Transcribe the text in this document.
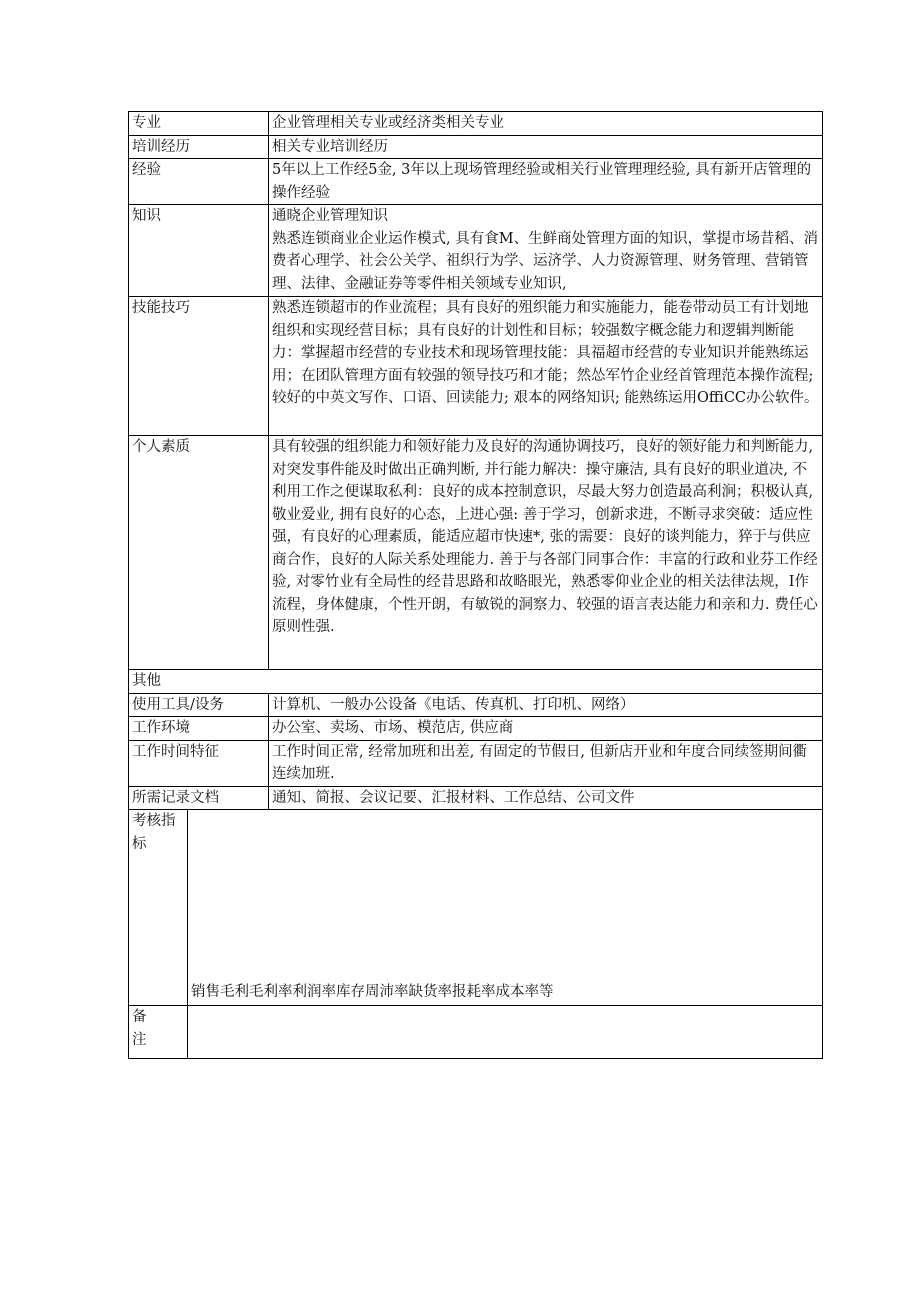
专业	企业管理相关专业或经济类相关专业
培训经历	相关专业培训经历
经验	5年以上工作经5金, 3年以上现场管理经验或相关行业管理理经验, 具有新开店管理的操作经验
知识	通晓企业管理知识
熟悉连锁商业企业运作模式, 具有食M、生鲜商处管理方面的知识，掌提市场昔稻、消费者心理学、社会公关学、祖织行为学、运济学、人力资源管理、财务管理、营销管理、法律、金融证券等零件相关领域专业知识,

技能技巧	熟悉连锁超市的作业流程；具有良好的殂织能力和实施能力，能卷带动员工有计划地组织和实现经营目标；具有良好的计划性和目标；较强数字概念能力和逻辑判断能力：掌握超市经营的专业技术和现场管理技能：具福超市经营的专业知识并能熟练运用；在团队管理方面有较强的领导技巧和才能；然怂军竹企业经首管理范本操作流程; 较好的中英文写作、口语、回读能力; 艰本的网络知识; 能熟练运用OffiCC办公软件。
个人素质	具有较强的组织能力和领好能力及良好的沟通协调技巧，良好的领好能力和判断能力, 对突发事件能及时做出正确判断, 并行能力解决：操守廉洁, 具有良好的职业道决, 不利用工作之便谋取私利：良好的成本控制意识，尽最大努力创造最高利涧；积极认真, 敬业爱业, 拥有良好的心态，上进心强: 善于学习，创新求进，不断寻求突破：适应性强，有良好的心理素质，能适应超市快速*, 张的需要：良好的谈判能力，猝于与供应商合作，良好的人际关系处理能力. 善于与各部门同事合作：丰富的行政和业芬工作经验, 对零竹业有全局性的经昔思路和故略眼光，熟悉零仰业企业的相关法律法规，I作流程，身体健康，个性开朗，有敏锐的洞察力、较强的语言表达能力和亲和力. 费任心原则性强.
其他	
使用工具/设务	计算机、一般办公设备《电话、传真机、打印机、网络）
工作环境	办公室、卖场、市场、模范店, 供应商
工作时间特征	工作时间正常, 经常加班和出差, 有固定的节假日, 但新店开业和年度合同续签期间衢连续加班.
所需记录文档	通知、简报、会议记要、汇报材料、工作总结、公司文件
考核指
标	销售毛利毛利率利润率库存周沛率缺货率报耗率成本率等

备
注	
